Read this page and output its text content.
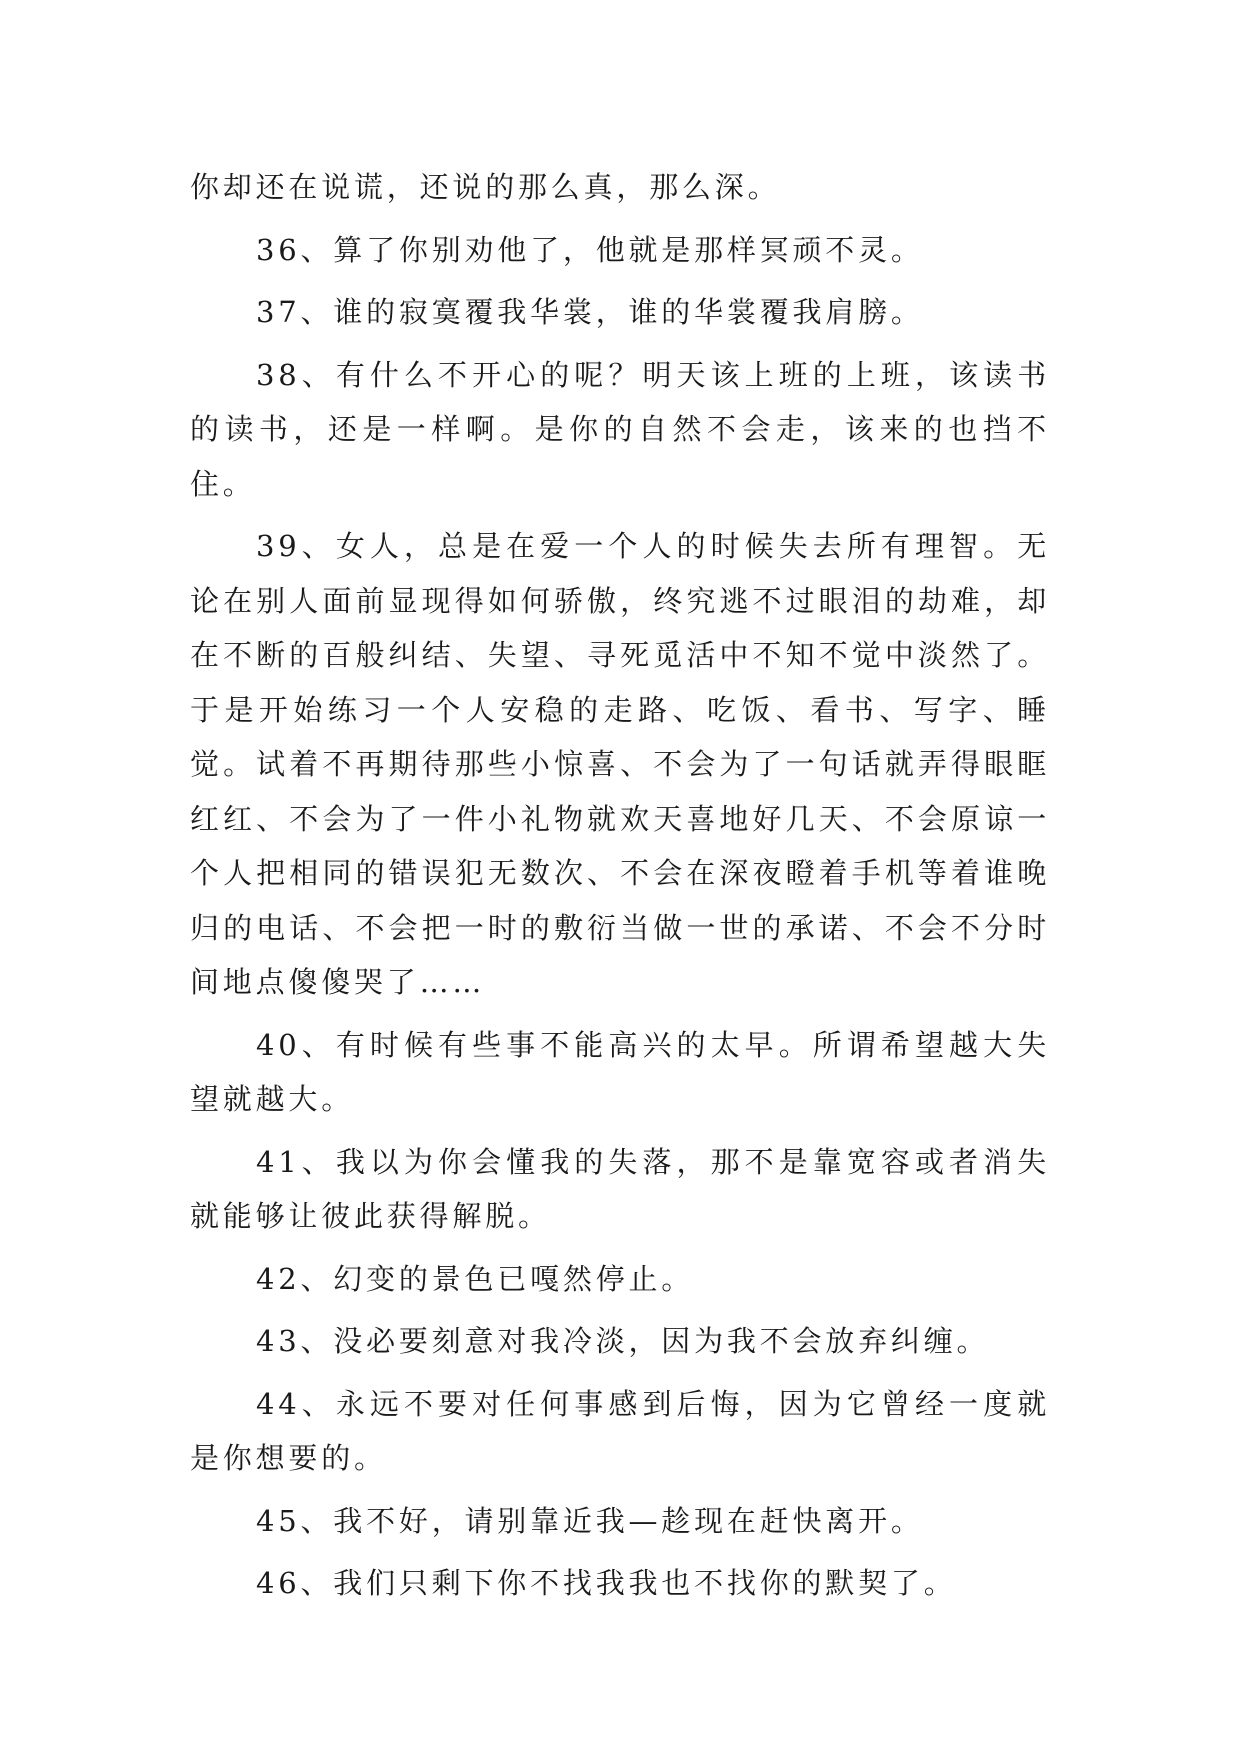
你却还在说谎，还说的那么真，那么深。

36、算了你别劝他了，他就是那样冥顽不灵。

37、谁的寂寞覆我华裳，谁的华裳覆我肩膀。

38、有什么不开心的呢？明天该上班的上班，该读书的读书，还是一样啊。是你的自然不会走，该来的也挡不住。

39、女人，总是在爱一个人的时候失去所有理智。无论在别人面前显现得如何骄傲，终究逃不过眼泪的劫难，却在不断的百般纠结、失望、寻死觅活中不知不觉中淡然了。于是开始练习一个人安稳的走路、吃饭、看书、写字、睡觉。试着不再期待那些小惊喜、不会为了一句话就弄得眼眶红红、不会为了一件小礼物就欢天喜地好几天、不会原谅一个人把相同的错误犯无数次、不会在深夜瞪着手机等着谁晚归的电话、不会把一时的敷衍当做一世的承诺、不会不分时间地点傻傻哭了……

40、有时候有些事不能高兴的太早。所谓希望越大失望就越大。

41、我以为你会懂我的失落，那不是靠宽容或者消失就能够让彼此获得解脱。

42、幻变的景色已嘎然停止。

43、没必要刻意对我冷淡，因为我不会放弃纠缠。

44、永远不要对任何事感到后悔，因为它曾经一度就是你想要的。

45、我不好，请别靠近我—趁现在赶快离开。

46、我们只剩下你不找我我也不找你的默契了。
